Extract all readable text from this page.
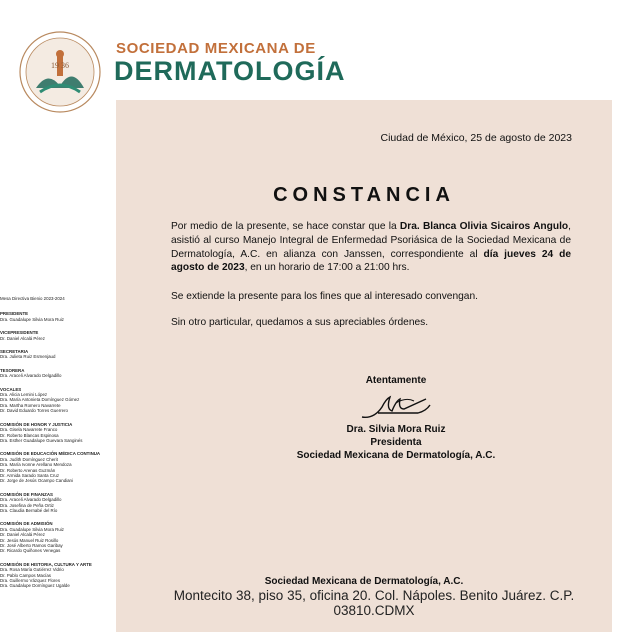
19 36
SOCIEDAD MEXICANA DE
DERMATOLOGÍA
Mesa Directiva Bienio 2023-2024
PRESIDENTE
Dra. Guadalupe Silvia Mora Ruiz
VICEPRESIDENTE
Dr. Daniel Alcalá Pérez
SECRETARIA
Dra. Julieta Ruiz Esmenjaud
TESORERA
Dra. Araceli Alvarado Delgadillo
VOCALES
Dra. Alicia Lemini López
Dra. María Antonieta Domínguez Gómez
Dra. Martha Romero Navarrete
Dr. David Eduardo Torres Guerrero
COMISIÓN DE HONOR Y JUSTICIA
Dra. Gisela Navarrete Franco
Dr. Roberto Blancas Espinosa
Dra. Esther Guadalupe Guevara Sanginés
COMISIÓN DE EDUCACIÓN MÉDICA CONTINUA
Dra. Judith Domínguez Cherit
Dra. María Ivonne Arellano Mendoza
Dr. Roberto Arenas Guzmán
Dr. Armida Sarado Santa Cruz
Dr. Jorge de Jesús Ocampo Candiani
COMISIÓN DE FINANZAS
Dra. Araceli Alvarado Delgadillo
Dra. Josefina de Peña Ortiz
Dra. Claudia Bernabé del Río
COMISIÓN DE ADMISIÓN
Dra. Guadalupe Silvia Mora Ruiz
Dr. Daniel Alcalá Pérez
Dr. Jesús Manuel Ruiz Rosillo
Dr. José Alberto Ramos Garibay
Dr. Ricardo Quiñones Venegas
COMISIÓN DE HISTORIA, CULTURA Y ARTE
Dra. Rosa María Gutiérrez Vidrio
Dr. Pablo Campos Macías
Dra. Guillermo Vázquez Flores
Dra. Guadalupe Domínguez Ugalde
Ciudad de México, 25 de agosto de 2023
CONSTANCIA
Por medio de la presente, se hace constar que la Dra. Blanca Olivia Sicairos Angulo, asistió al curso Manejo Integral de Enfermedad Psoriásica de la Sociedad Mexicana de Dermatología, A.C. en alianza con Janssen, correspondiente al día jueves 24 de agosto de 2023, en un horario de 17:00 a 21:00 hrs.
Se extiende la presente para los fines que al interesado convengan.
Sin otro particular, quedamos a sus apreciables órdenes.
Atentamente
Dra. Silvia Mora Ruiz
Presidenta
Sociedad Mexicana de Dermatología, A.C.
Sociedad Mexicana de Dermatología, A.C.
Montecito 38, piso 35, oficina 20. Col. Nápoles. Benito Juárez. C.P. 03810.CDMX
